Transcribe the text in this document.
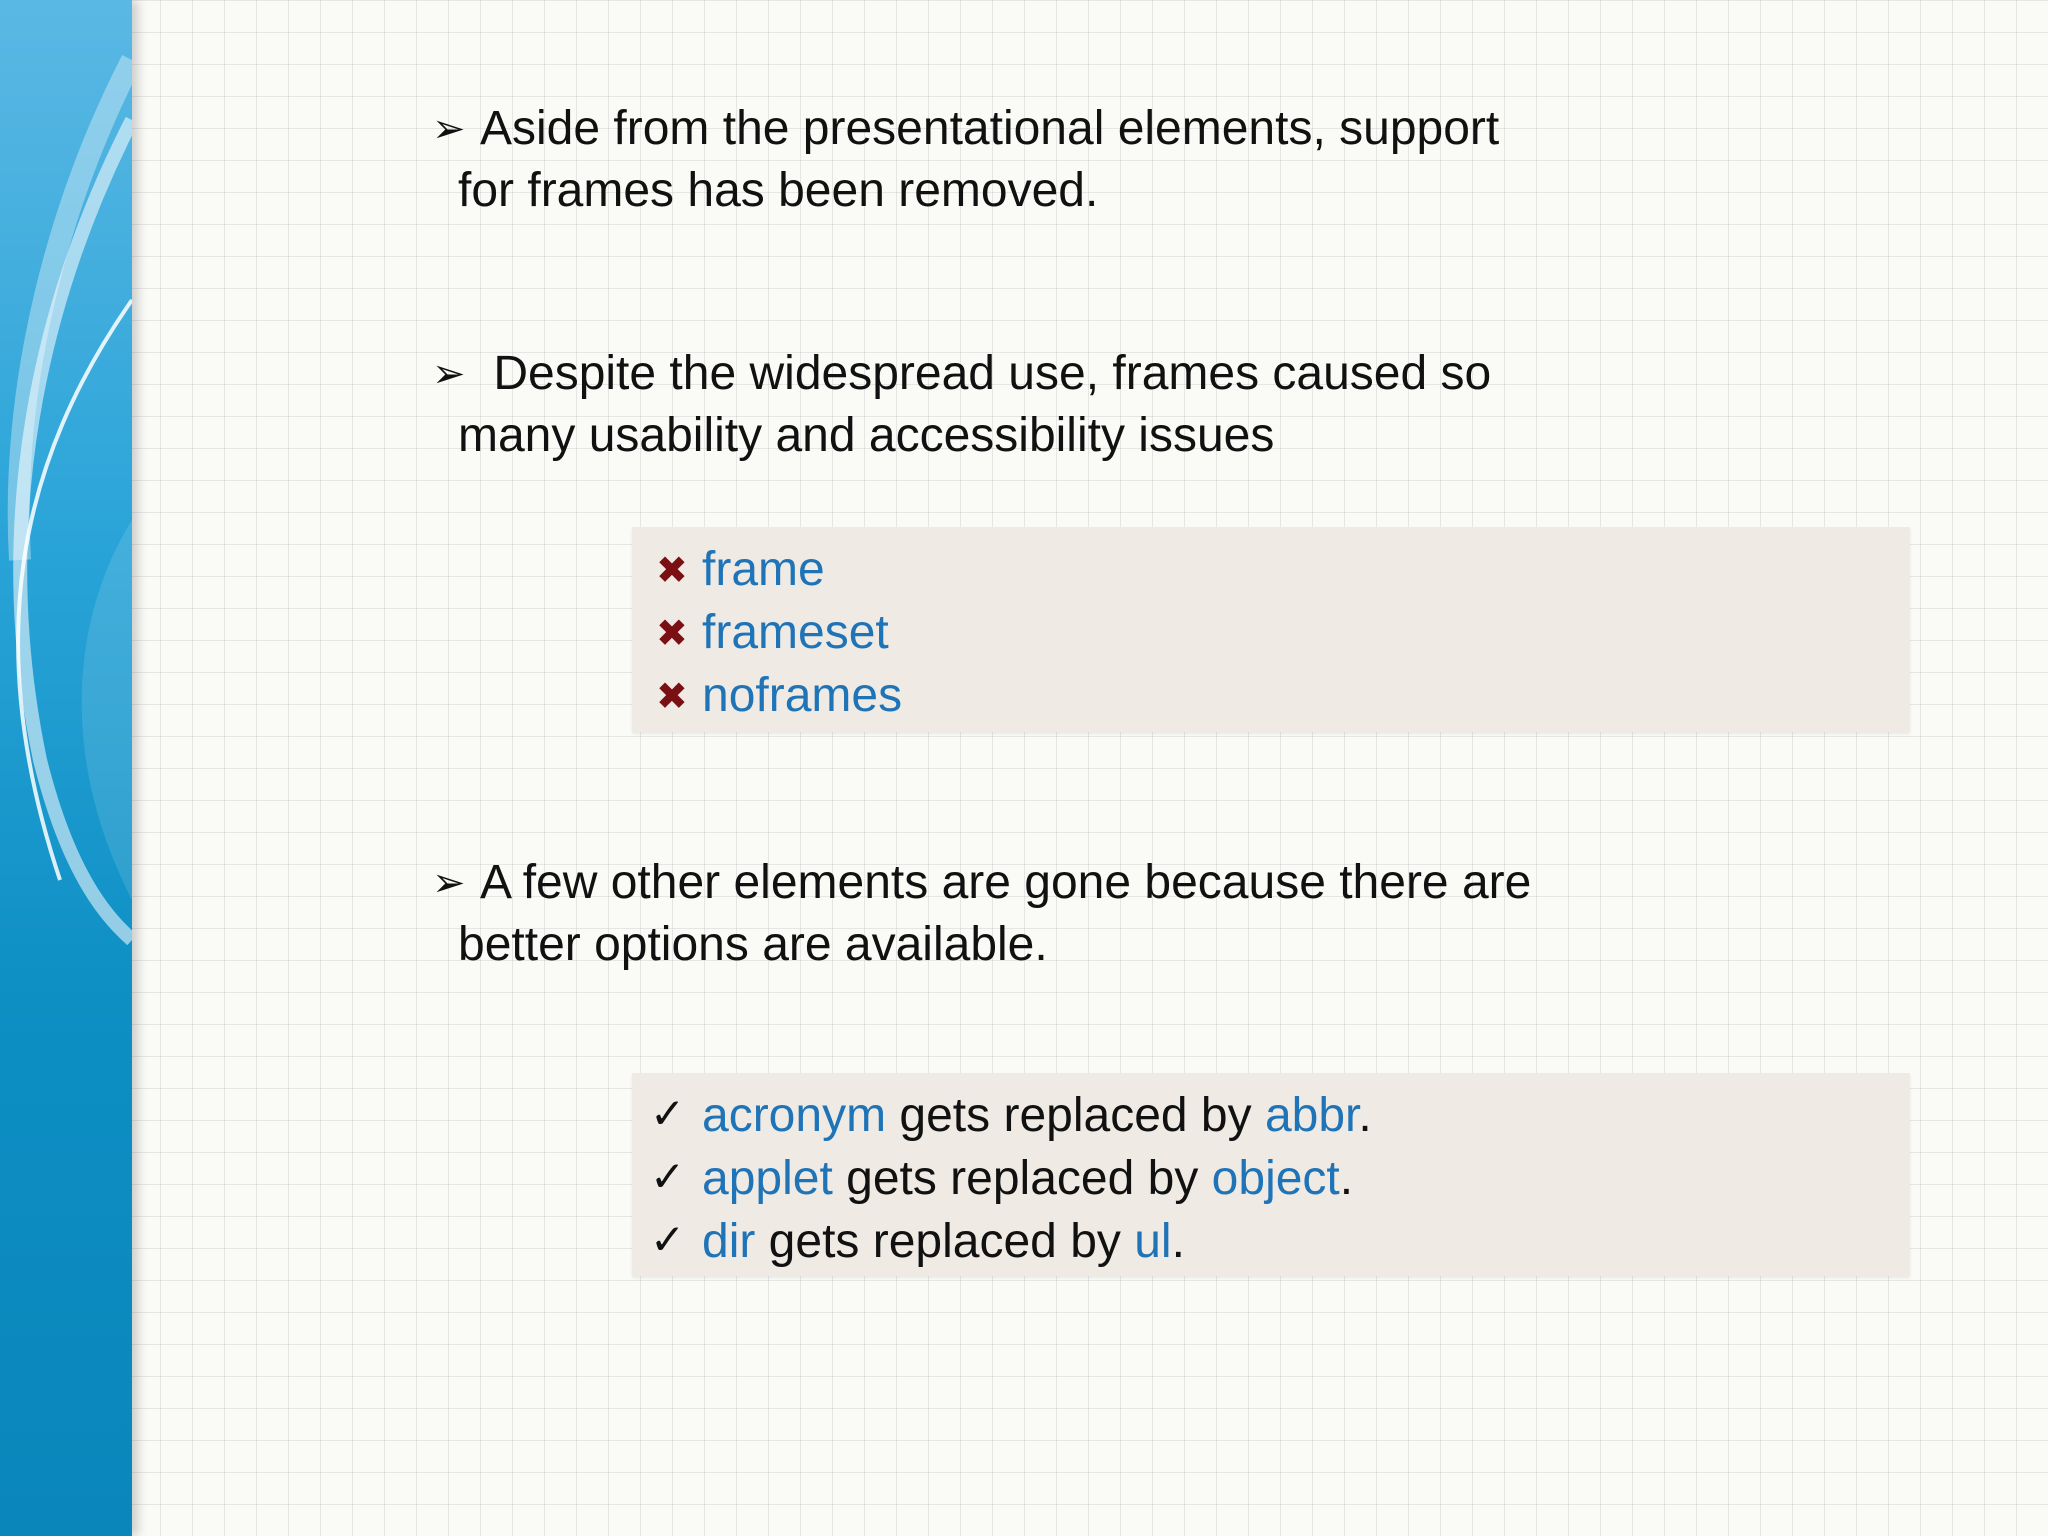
➢ Aside from the presentational elements, support
for frames has been removed.
➢ Despite the widespread use, frames caused so
many usability and accessibility issues
✖ frame
✖ frameset
✖ noframes
➢ A few other elements are gone because there are
better options are available.
✓ acronym gets replaced by abbr.
✓ applet gets replaced by object.
✓ dir gets replaced by ul.
